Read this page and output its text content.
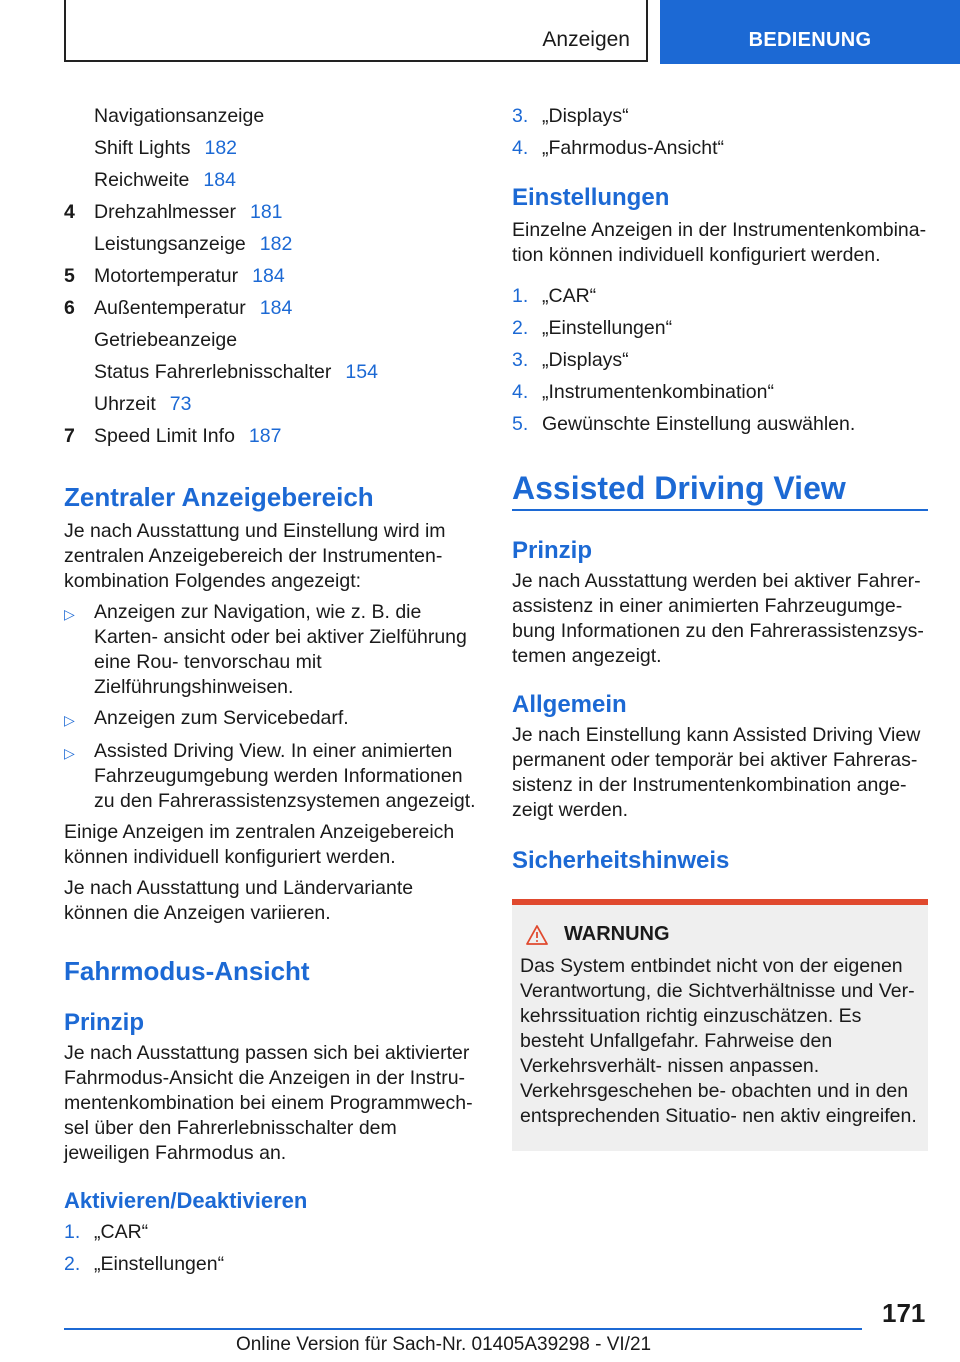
Anzeigen	BEDIENUNG
Navigationsanzeige
Shift Lights 182
Reichweite 184
4 Drehzahlmesser 181
Leistungsanzeige 182
5 Motortemperatur 184
6 Außentemperatur 184
Getriebeanzeige
Status Fahrerlebnisschalter 154
Uhrzeit 73
7 Speed Limit Info 187
Zentraler Anzeigebereich

Je nach Ausstattung und Einstellung wird im zentralen Anzeigebereich der Instrumenten‐ kombination Folgendes angezeigt:

▷ Anzeigen zur Navigation, wie z. B. die Karten‐ ansicht oder bei aktiver Zielführung eine Rou‐ tenvorschau mit Zielführungshinweisen.
▷ Anzeigen zum Servicebedarf.
▷ Assisted Driving View. In einer animierten Fahrzeugumgebung werden Informationen zu den Fahrerassistenzsystemen angezeigt.

Einige Anzeigen im zentralen Anzeigebereich können individuell konfiguriert werden.

Je nach Ausstattung und Ländervariante können die Anzeigen variieren.

Fahrmodus-Ansicht
Prinzip

Je nach Ausstattung passen sich bei aktivierter Fahrmodus-Ansicht die Anzeigen in der Instru‐ mentenkombination bei einem Programmwech‐ sel über den Fahrerlebnisschalter dem jeweiligen Fahrmodus an.

Aktivieren/Deaktivieren
1. „CAR“
2. „Einstellungen“
3. „Displays“
4. „Fahrmodus-Ansicht“
Einstellungen

Einzelne Anzeigen in der Instrumentenkombina‐ tion können individuell konfiguriert werden.

1. „CAR“
2. „Einstellungen“
3. „Displays“
4. „Instrumentenkombination“
5. Gewünschte Einstellung auswählen.
Assisted Driving View
Prinzip

Je nach Ausstattung werden bei aktiver Fahrer‐ assistenz in einer animierten Fahrzeugumge‐ bung Informationen zu den Fahrerassistenzsys‐ temen angezeigt.

Allgemein

Je nach Einstellung kann Assisted Driving View permanent oder temporär bei aktiver Fahreras‐ sistenz in der Instrumentenkombination ange‐ zeigt werden.

Sicherheitshinweis
WARNUNG

Das System entbindet nicht von der eigenen Verantwortung, die Sichtverhältnisse und Ver‐ kehrssituation richtig einzuschätzen. Es besteht Unfallgefahr. Fahrweise den Verkehrsverhält‐ nissen anpassen. Verkehrsgeschehen be‐ obachten und in den entsprechenden Situatio‐ nen aktiv eingreifen.

171
Online Version für Sach-Nr. 01405A39298 - VI/21
